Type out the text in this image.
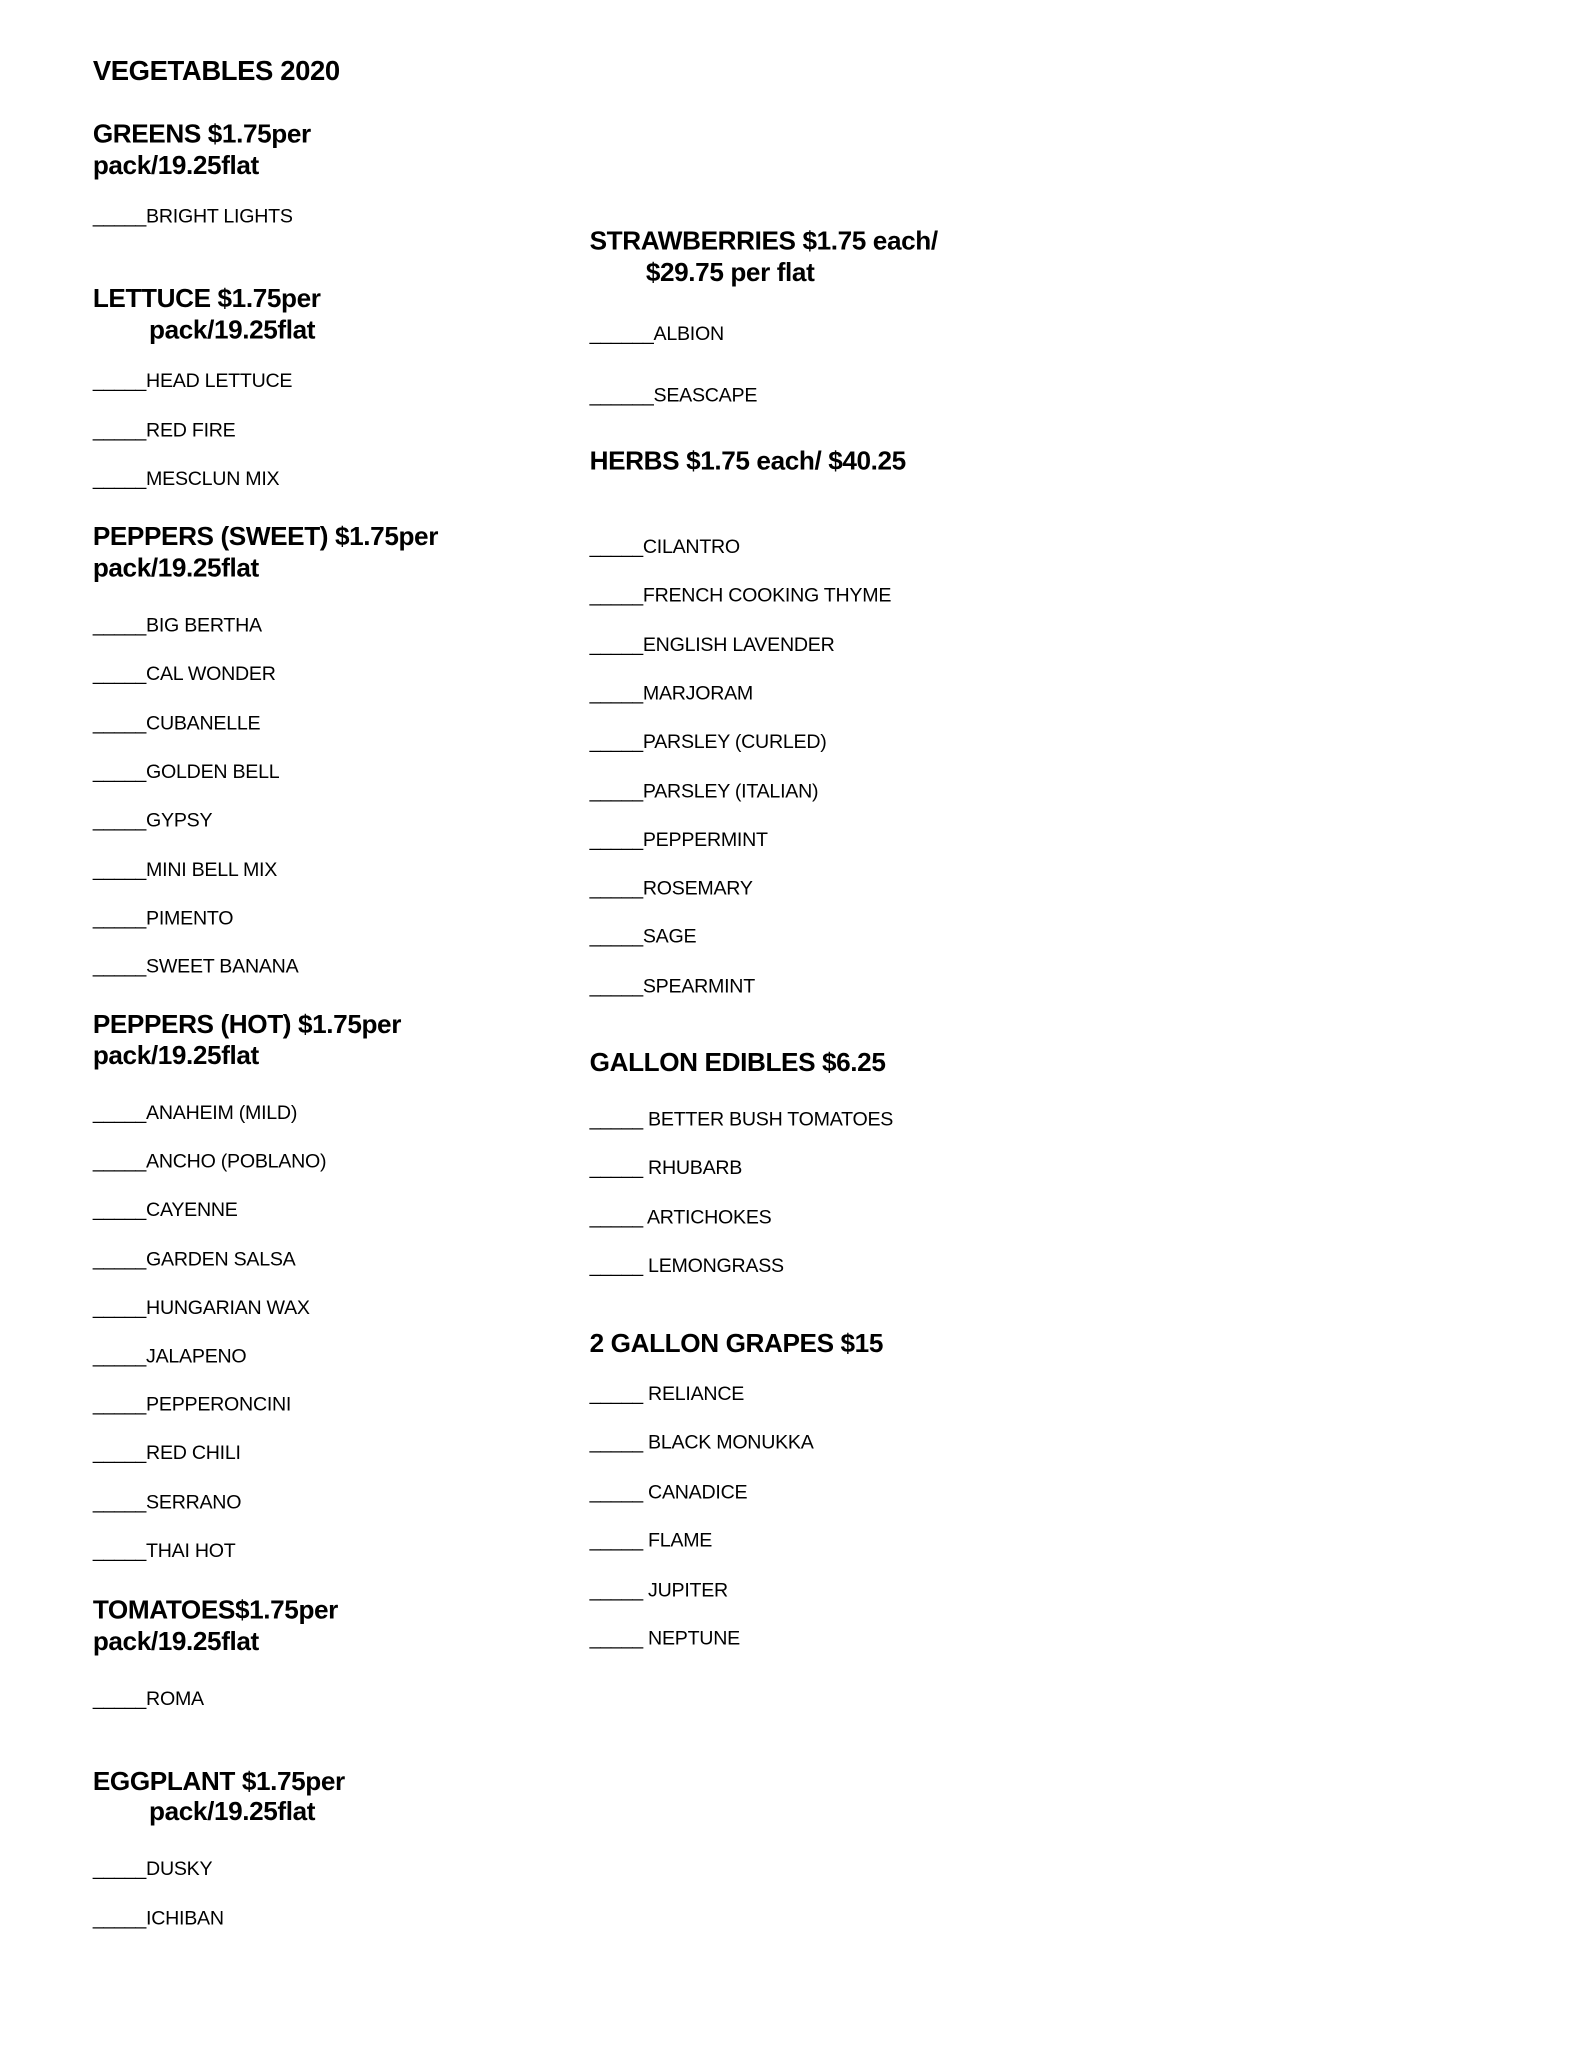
VEGETABLES 2020
GREENS $1.75per
pack/19.25flat
_____BRIGHT LIGHTS
LETTUCE $1.75per
pack/19.25flat
_____HEAD LETTUCE
_____RED FIRE
_____MESCLUN MIX
PEPPERS (SWEET) $1.75per
pack/19.25flat
_____BIG BERTHA
_____CAL WONDER
_____CUBANELLE
_____GOLDEN BELL
_____GYPSY
_____MINI BELL MIX
_____PIMENTO
_____SWEET BANANA
PEPPERS (HOT) $1.75per
pack/19.25flat
_____ANAHEIM (MILD)
_____ANCHO (POBLANO)
_____CAYENNE
_____GARDEN SALSA
_____HUNGARIAN WAX
_____JALAPENO
_____PEPPERONCINI
_____RED CHILI
_____SERRANO
_____THAI HOT
TOMATOES$1.75per
pack/19.25flat
_____ROMA
EGGPLANT $1.75per
pack/19.25flat
_____DUSKY
_____ICHIBAN
STRAWBERRIES $1.75 each/
$29.75 per flat
______ALBION
______SEASCAPE
HERBS $1.75 each/ $40.25
_____CILANTRO
_____FRENCH COOKING THYME
_____ENGLISH LAVENDER
_____MARJORAM
_____PARSLEY (CURLED)
_____PARSLEY (ITALIAN)
_____PEPPERMINT
_____ROSEMARY
_____SAGE
_____SPEARMINT
GALLON EDIBLES $6.25
_____ BETTER BUSH TOMATOES
_____ RHUBARB
_____ ARTICHOKES
_____ LEMONGRASS
2 GALLON GRAPES $15
_____ RELIANCE
_____ BLACK MONUKKA
_____ CANADICE
_____ FLAME
_____ JUPITER
_____ NEPTUNE
